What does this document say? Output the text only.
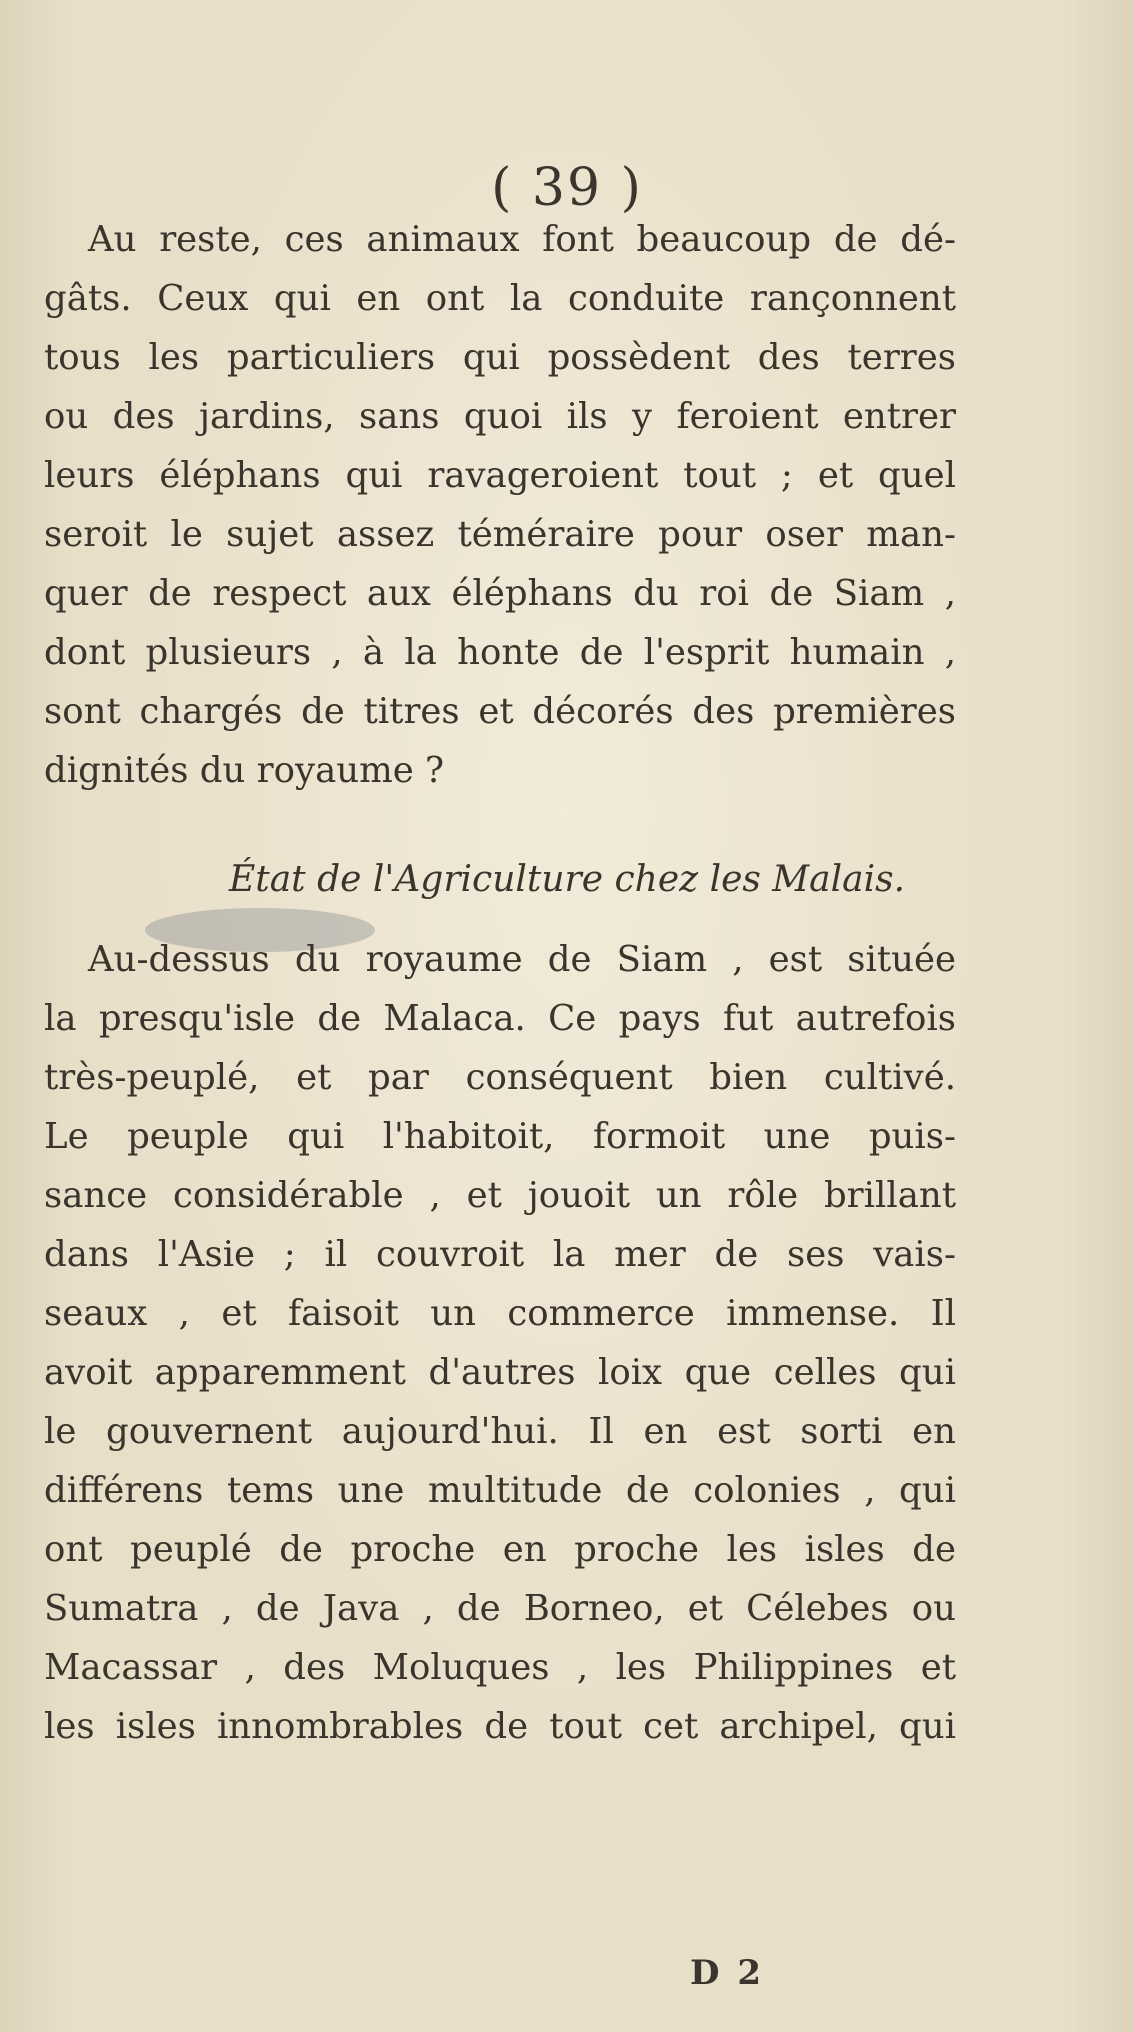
( 39 )
Au reste, ces animaux font beaucoup de dé-
gâts. Ceux qui en ont la conduite rançonnent
tous les particuliers qui possèdent des terres
ou des jardins, sans quoi ils y feroient entrer
leurs éléphans qui ravageroient tout ; et quel
seroit le sujet assez téméraire pour oser man-
quer de respect aux éléphans du roi de Siam ,
dont plusieurs , à la honte de l'esprit humain ,
sont chargés de titres et décorés des premières
dignités du royaume ?
État de l'Agriculture chez les Malais.
Au-dessus du royaume de Siam , est située
la presqu'isle de Malaca. Ce pays fut autrefois
très-peuplé, et par conséquent bien cultivé.
Le peuple qui l'habitoit, formoit une puis-
sance considérable , et jouoit un rôle brillant
dans l'Asie ; il couvroit la mer de ses vais-
seaux , et faisoit un commerce immense. Il
avoit apparemment d'autres loix que celles qui
le gouvernent aujourd'hui. Il en est sorti en
différens tems une multitude de colonies , qui
ont peuplé de proche en proche les isles de
Sumatra , de Java , de Borneo, et Célebes ou
Macassar , des Moluques , les Philippines et
les isles innombrables de tout cet archipel, qui
D 2
